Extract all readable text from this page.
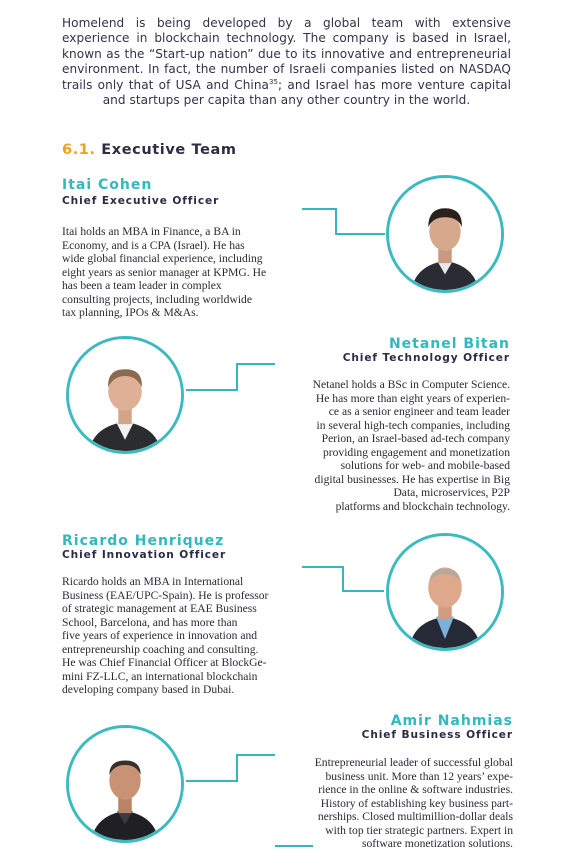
Homelend is being developed by a global team with extensive experience in blockchain technology. The company is based in Israel, known as the “Start-up nation” due to its innovative and entrepreneurial environment. In fact, the number of Israeli companies listed on NASDAQ trails only that of USA and China$^{35}$; and Israel has more venture capital and startups per capita than any other country in the world.
6.1. Executive Team
Itai Cohen
Chief Executive Officer
Itai holds an MBA in Finance, a BA in
Economy, and is a CPA (Israel). He has
wide global financial experience, including
eight years as senior manager at KPMG. He
has been a team leader in complex
consulting projects, including worldwide
tax planning, IPOs & M&As.
Netanel Bitan
Chief Technology Officer
Netanel holds a BSc in Computer Science.
He has more than eight years of experien-
ce as a senior engineer and team leader
in several high-tech companies, including
Perion, an Israel-based ad-tech company
providing engagement and monetization
solutions for web- and mobile-based
digital businesses. He has expertise in Big
Data, microservices, P2P
platforms and blockchain technology.
Ricardo Henriquez
Chief Innovation Officer
Ricardo holds an MBA in International
Business (EAE/UPC-Spain). He is professor
of strategic management at EAE Business
School, Barcelona, and has more than
five years of experience in innovation and
entrepreneurship coaching and consulting.
He was Chief Financial Officer at BlockGe-
mini FZ-LLC, an international blockchain
developing company based in Dubai.
Amir Nahmias
Chief Business Officer
Entrepreneurial leader of successful global
business unit. More than 12 years’ expe-
rience in the online & software industries.
History of establishing key business part-
nerships. Closed multimillion-dollar deals
with top tier strategic partners. Expert in
software monetization solutions.
